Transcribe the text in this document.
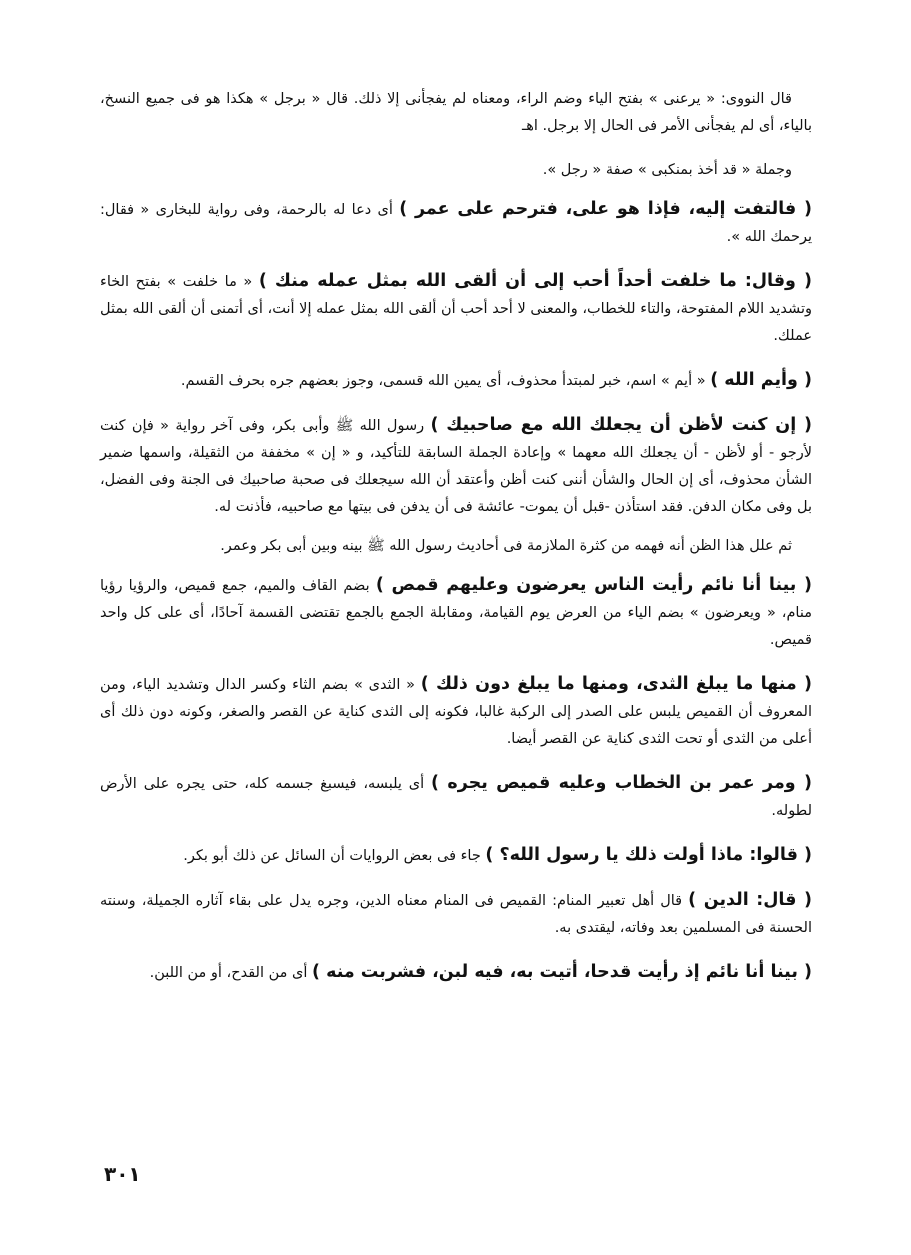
قال النووى: « يرعنى » بفتح الياء وضم الراء، ومعناه لم يفجأنى إلا ذلك. قال « برجل » هكذا هو فى جميع النسخ، بالياء، أى لم يفجأنى الأمر فى الحال إلا برجل. اهـ

وجملة « قد أخذ بمنكبى » صفة « رجل ».

( فالتفت إليه، فإذا هو على، فترحم على عمر ) أى دعا له بالرحمة، وفى رواية للبخارى « فقال: يرحمك الله ».

( وقال: ما خلفت أحداً أحب إلى أن ألقى الله بمثل عمله منك ) « ما خلفت » بفتح الخاء وتشديد اللام المفتوحة، والتاء للخطاب، والمعنى لا أحد أحب أن ألقى الله بمثل عمله إلا أنت، أى أتمنى أن ألقى الله بمثل عملك.

( وأيم الله ) « أيم » اسم، خبر لمبتدأ محذوف، أى يمين الله قسمى، وجوز بعضهم جره بحرف القسم.

( إن كنت لأظن أن يجعلك الله مع صاحبيك ) رسول الله ﷺ وأبى بكر، وفى آخر رواية « فإن كنت لأرجو - أو لأظن - أن يجعلك الله معهما » وإعادة الجملة السابقة للتأكيد، و « إن » مخففة من الثقيلة، واسمها ضمير الشأن محذوف، أى إن الحال والشأن أننى كنت أظن وأعتقد أن الله سيجعلك فى صحبة صاحبيك فى الجنة وفى الفضل، بل وفى مكان الدفن. فقد استأذن -قبل أن يموت- عائشة فى أن يدفن فى بيتها مع صاحبيه، فأذنت له.

ثم علل هذا الظن أنه فهمه من كثرة الملازمة فى أحاديث رسول الله ﷺ بينه وبين أبى بكر وعمر.

( بينا أنا نائم رأيت الناس يعرضون وعليهم قمص ) بضم القاف والميم، جمع قميص، والرؤيا رؤيا منام، « ويعرضون » بضم الياء من العرض يوم القيامة، ومقابلة الجمع بالجمع تقتضى القسمة آحادًا، أى على كل واحد قميص.

( منها ما يبلغ الثدى، ومنها ما يبلغ دون ذلك ) « الثدى » بضم الثاء وكسر الدال وتشديد الياء، ومن المعروف أن القميص يلبس على الصدر إلى الركبة غالبا، فكونه إلى الثدى كناية عن القصر والصغر، وكونه دون ذلك أى أعلى من الثدى أو تحت الثدى كناية عن القصر أيضا.

( ومر عمر بن الخطاب وعليه قميص يجره ) أى يلبسه، فيسبغ جسمه كله، حتى يجره على الأرض لطوله.

( قالوا: ماذا أولت ذلك يا رسول الله؟ ) جاء فى بعض الروايات أن السائل عن ذلك أبو بكر.

( قال: الدين ) قال أهل تعبير المنام: القميص فى المنام معناه الدين، وجره يدل على بقاء آثاره الجميلة، وسنته الحسنة فى المسلمين بعد وفاته، ليقتدى به.

( بينا أنا نائم إذ رأيت قدحا، أتيت به، فيه لبن، فشربت منه ) أى من القدح، أو من اللبن.

٣٠١
